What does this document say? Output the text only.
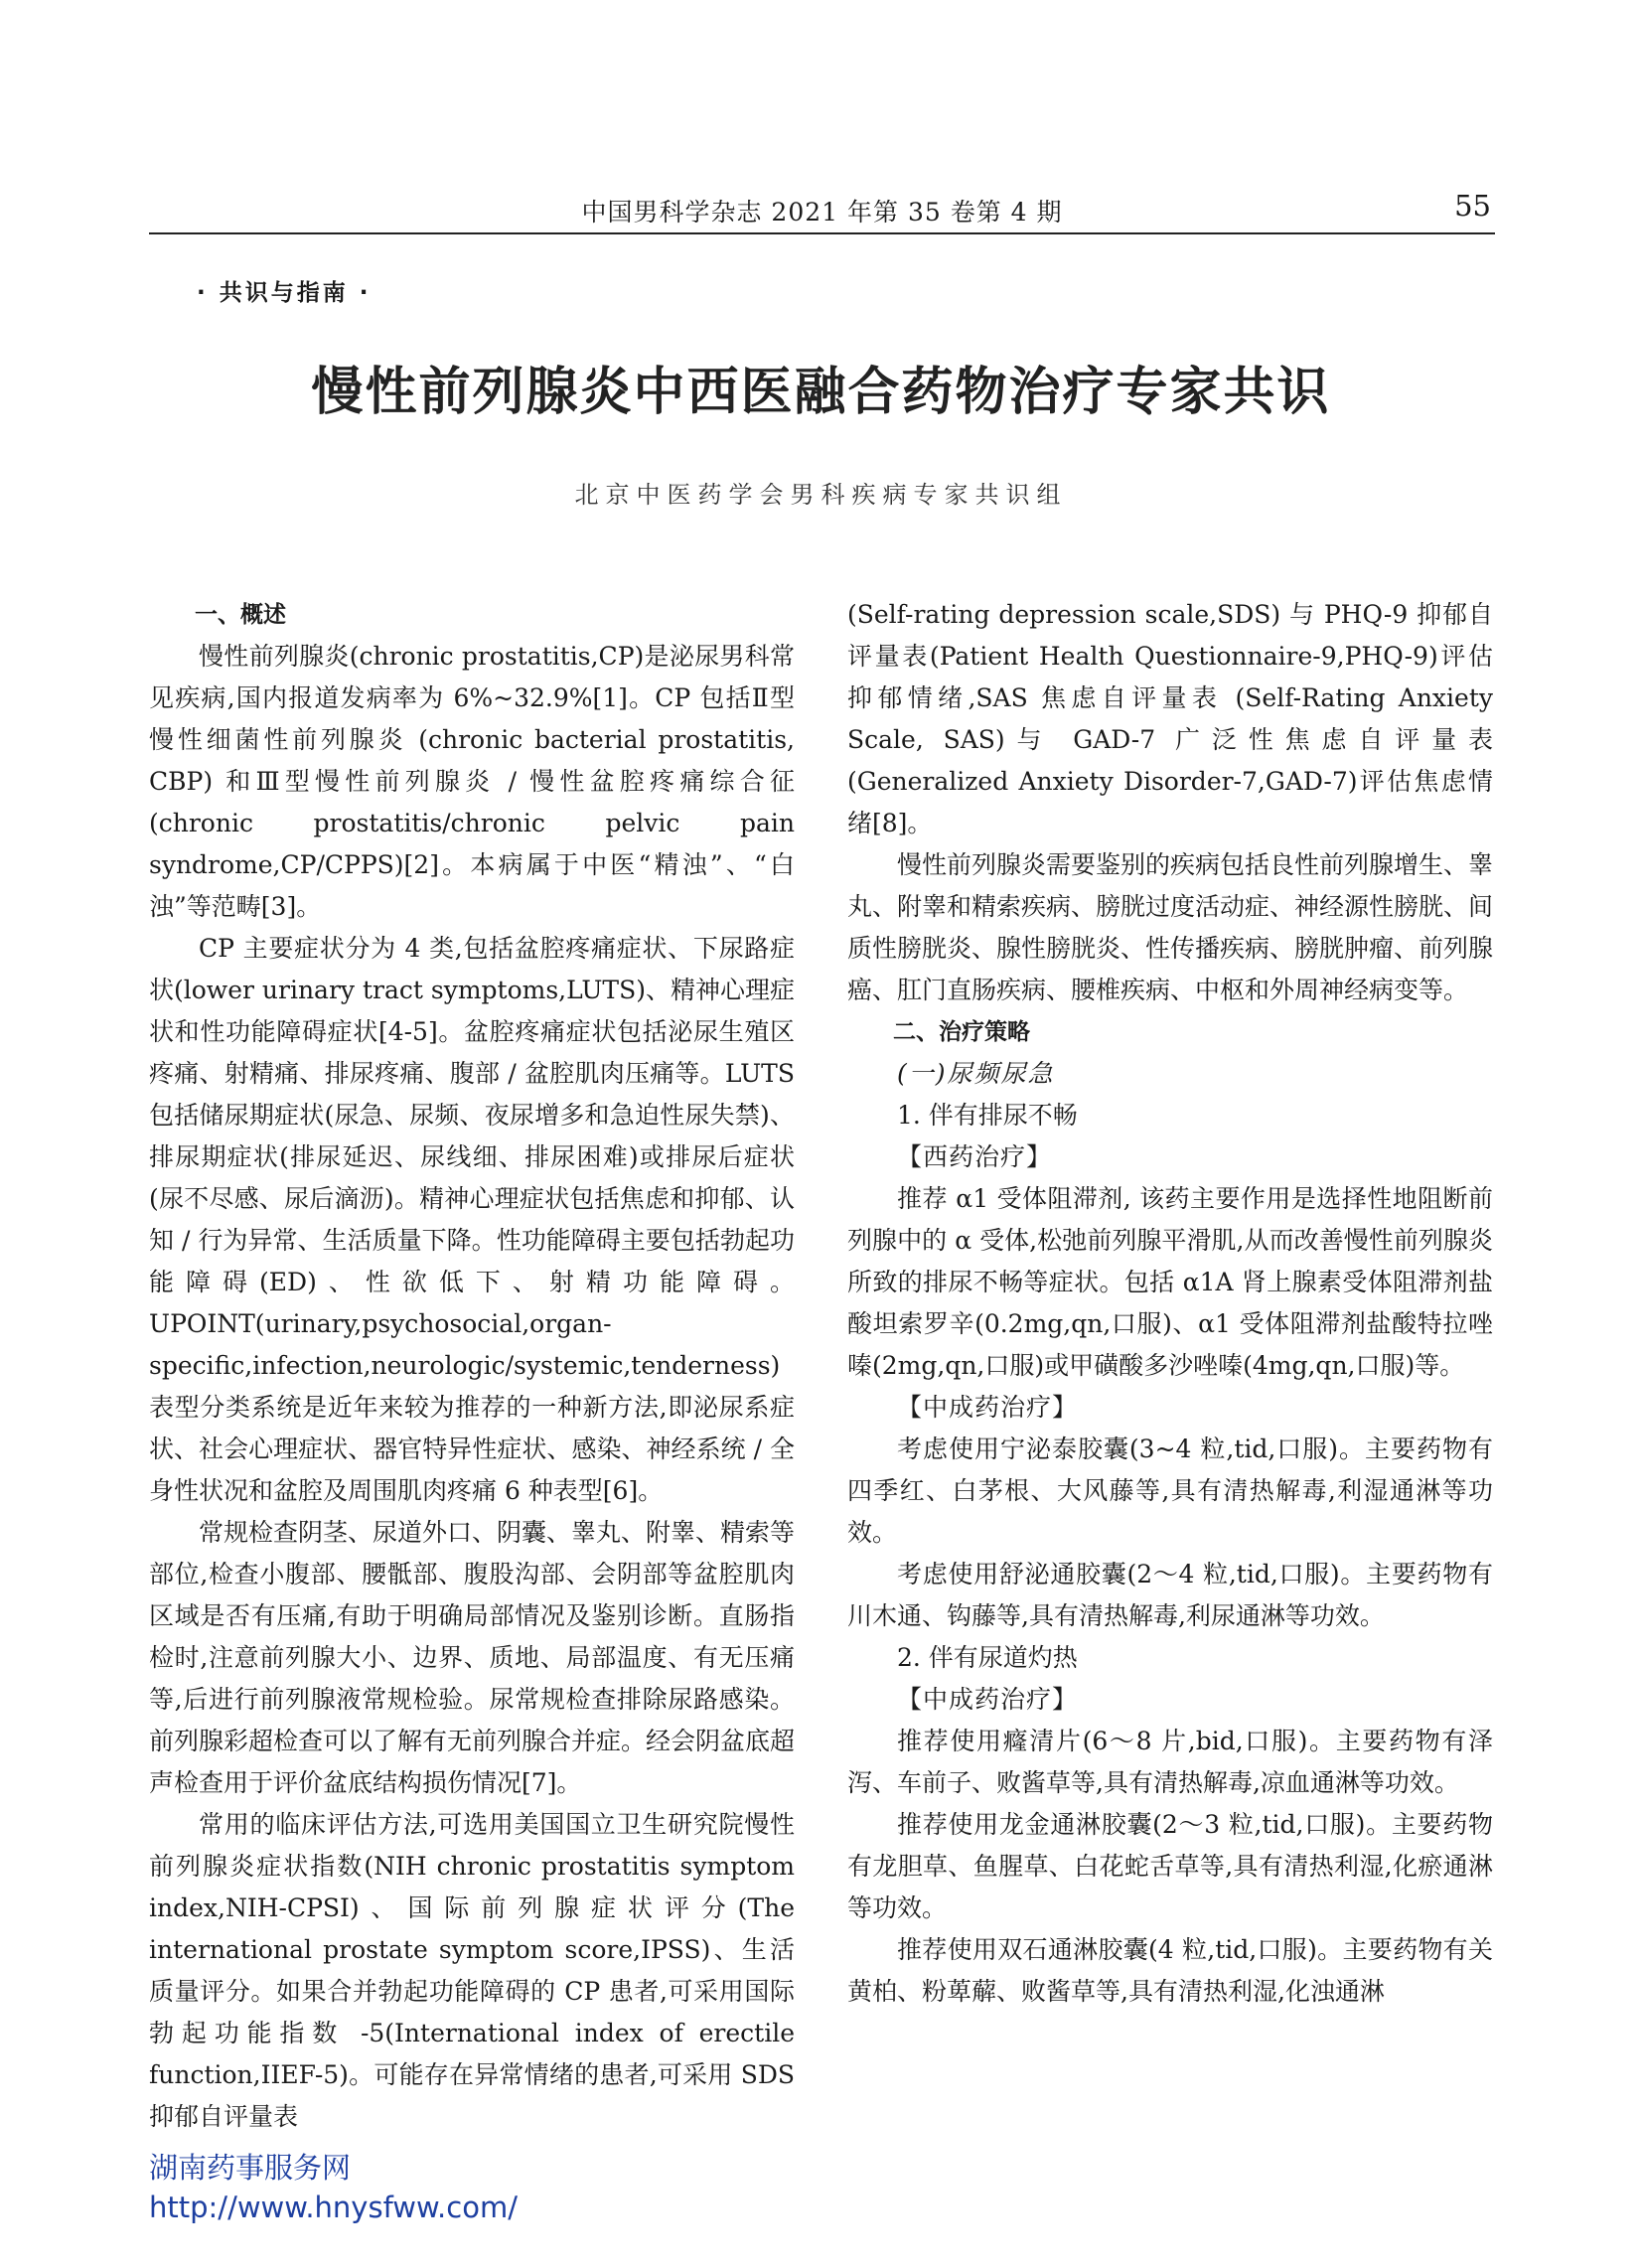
中国男科学杂志 2021 年第 35 卷第 4 期	55
· 共识与指南 ·
慢性前列腺炎中西医融合药物治疗专家共识
北京中医药学会男科疾病专家共识组

一、概述

慢性前列腺炎(chronic prostatitis,CP)是泌尿男科常见疾病,国内报道发病率为 6%~32.9%[1]。CP 包括Ⅱ型慢性细菌性前列腺炎 (chronic bacterial prostatitis, CBP) 和Ⅲ型慢性前列腺炎 / 慢性盆腔疼痛综合征 (chronic prostatitis/chronic pelvic pain syndrome,CP/CPPS)[2]。本病属于中医“精浊”、“白浊”等范畴[3]。

CP 主要症状分为 4 类,包括盆腔疼痛症状、下尿路症状(lower urinary tract symptoms,LUTS)、精神心理症状和性功能障碍症状[4-5]。盆腔疼痛症状包括泌尿生殖区疼痛、射精痛、排尿疼痛、腹部 / 盆腔肌肉压痛等。LUTS 包括储尿期症状(尿急、尿频、夜尿增多和急迫性尿失禁)、排尿期症状(排尿延迟、尿线细、排尿困难)或排尿后症状(尿不尽感、尿后滴沥)。精神心理症状包括焦虑和抑郁、认知 / 行为异常、生活质量下降。性功能障碍主要包括勃起功能障碍(ED)、性欲低下、射精功能障碍。UPOINT(urinary,psychosocial,organ-specific,infection,neurologic/systemic,tenderness)表型分类系统是近年来较为推荐的一种新方法,即泌尿系症状、社会心理症状、器官特异性症状、感染、神经系统 / 全身性状况和盆腔及周围肌肉疼痛 6 种表型[6]。

常规检查阴茎、尿道外口、阴囊、睾丸、附睾、精索等部位,检查小腹部、腰骶部、腹股沟部、会阴部等盆腔肌肉区域是否有压痛,有助于明确局部情况及鉴别诊断。直肠指检时,注意前列腺大小、边界、质地、局部温度、有无压痛等,后进行前列腺液常规检验。尿常规检查排除尿路感染。前列腺彩超检查可以了解有无前列腺合并症。经会阴盆底超声检查用于评价盆底结构损伤情况[7]。

常用的临床评估方法,可选用美国国立卫生研究院慢性前列腺炎症状指数(NIH chronic prostatitis symptom index,NIH-CPSI)、国际前列腺症状评分(The international prostate symptom score,IPSS)、生活质量评分。如果合并勃起功能障碍的 CP 患者,可采用国际勃起功能指数 -5(International index of erectile function,IIEF-5)。可能存在异常情绪的患者,可采用 SDS 抑郁自评量表

(Self-rating depression scale,SDS) 与 PHQ-9 抑郁自评量表(Patient Health Questionnaire-9,PHQ-9)评估抑郁情绪,SAS 焦虑自评量表 (Self-Rating Anxiety Scale, SAS)与 GAD-7 广泛性焦虑自评量表(Generalized Anxiety Disorder-7,GAD-7)评估焦虑情绪[8]。

慢性前列腺炎需要鉴别的疾病包括良性前列腺增生、睾丸、附睾和精索疾病、膀胱过度活动症、神经源性膀胱、间质性膀胱炎、腺性膀胱炎、性传播疾病、膀胱肿瘤、前列腺癌、肛门直肠疾病、腰椎疾病、中枢和外周神经病变等。

二、治疗策略

(一)尿频尿急

1. 伴有排尿不畅

【西药治疗】

推荐 α1 受体阻滞剂, 该药主要作用是选择性地阻断前列腺中的 α 受体,松弛前列腺平滑肌,从而改善慢性前列腺炎所致的排尿不畅等症状。包括 α1A 肾上腺素受体阻滞剂盐酸坦索罗辛(0.2mg,qn,口服)、α1 受体阻滞剂盐酸特拉唑嗪(2mg,qn,口服)或甲磺酸多沙唑嗪(4mg,qn,口服)等。

【中成药治疗】

考虑使用宁泌泰胶囊(3~4 粒,tid,口服)。主要药物有四季红、白茅根、大风藤等,具有清热解毒,利湿通淋等功效。

考虑使用舒泌通胶囊(2～4 粒,tid,口服)。主要药物有川木通、钩藤等,具有清热解毒,利尿通淋等功效。

2. 伴有尿道灼热

【中成药治疗】

推荐使用癃清片(6～8 片,bid,口服)。主要药物有泽泻、车前子、败酱草等,具有清热解毒,凉血通淋等功效。

推荐使用龙金通淋胶囊(2～3 粒,tid,口服)。主要药物有龙胆草、鱼腥草、白花蛇舌草等,具有清热利湿,化瘀通淋等功效。

推荐使用双石通淋胶囊(4 粒,tid,口服)。主要药物有关黄柏、粉萆薢、败酱草等,具有清热利湿,化浊通淋

湖南药事服务网
http://www.hnysfww.com/
